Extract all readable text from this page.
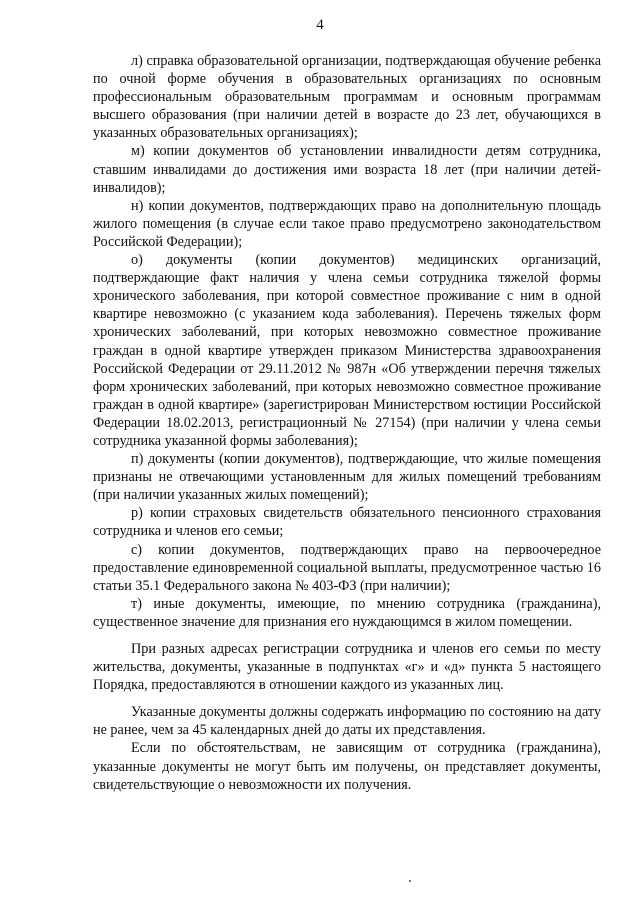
4

л) справка образовательной организации, подтверждающая обучение ребенка по очной форме обучения в образовательных организациях по основным профессиональным образовательным программам и основным программам высшего образования (при наличии детей в возрасте до 23 лет, обучающихся в указанных образовательных организациях);

м) копии документов об установлении инвалидности детям сотрудника, ставшим инвалидами до достижения ими возраста 18 лет (при наличии детей-инвалидов);

н) копии документов, подтверждающих право на дополнительную площадь жилого помещения (в случае если такое право предусмотрено законодательством Российской Федерации);

о) документы (копии документов) медицинских организаций, подтверждающие факт наличия у члена семьи сотрудника тяжелой формы хронического заболевания, при которой совместное проживание с ним в одной квартире невозможно (с указанием кода заболевания). Перечень тяжелых форм хронических заболеваний, при которых невозможно совместное проживание граждан в одной квартире утвержден приказом Министерства здравоохранения Российской Федерации от 29.11.2012 № 987н «Об утверждении перечня тяжелых форм хронических заболеваний, при которых невозможно совместное проживание граждан в одной квартире» (зарегистрирован Министерством юстиции Российской Федерации 18.02.2013, регистрационный № 27154) (при наличии у члена семьи сотрудника указанной формы заболевания);

п) документы (копии документов), подтверждающие, что жилые помещения признаны не отвечающими установленным для жилых помещений требованиям (при наличии указанных жилых помещений);

р) копии страховых свидетельств обязательного пенсионного страхования сотрудника и членов его семьи;

с) копии документов, подтверждающих право на первоочередное предоставление единовременной социальной выплаты, предусмотренное частью 16 статьи 35.1 Федерального закона № 403-ФЗ (при наличии);

т) иные документы, имеющие, по мнению сотрудника (гражданина), существенное значение для признания его нуждающимся в жилом помещении.

При разных адресах регистрации сотрудника и членов его семьи по месту жительства, документы, указанные в подпунктах «г» и «д» пункта 5 настоящего Порядка, предоставляются в отношении каждого из указанных лиц.

Указанные документы должны содержать информацию по состоянию на дату не ранее, чем за 45 календарных дней до даты их представления.

Если по обстоятельствам, не зависящим от сотрудника (гражданина), указанные документы не могут быть им получены, он представляет документы, свидетельствующие о невозможности их получения.
